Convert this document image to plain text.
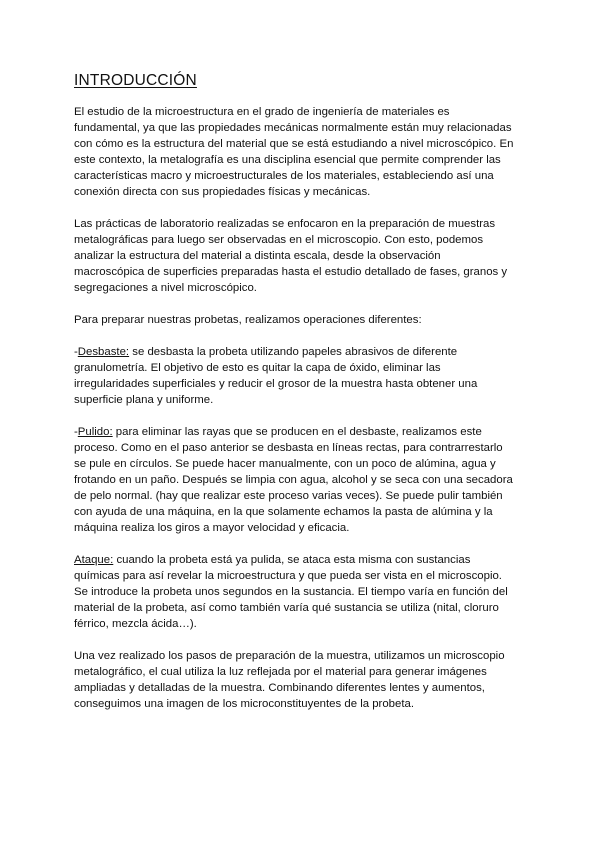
INTRODUCCIÓN

El estudio de la microestructura en el grado de ingeniería de materiales es fundamental, ya que las propiedades mecánicas normalmente están muy relacionadas con cómo es la estructura del material que se está estudiando a nivel microscópico. En este contexto, la metalografía es una disciplina esencial que permite comprender las características macro y microestructurales de los materiales, estableciendo así una conexión directa con sus propiedades físicas y mecánicas.

Las prácticas de laboratorio realizadas se enfocaron en la preparación de muestras metalográficas para luego ser observadas en el microscopio. Con esto, podemos analizar la estructura del material a distinta escala, desde la observación macroscópica de superficies preparadas hasta el estudio detallado de fases, granos y segregaciones a nivel microscópico.

Para preparar nuestras probetas, realizamos operaciones diferentes:

-Desbaste: se desbasta la probeta utilizando papeles abrasivos de diferente granulometría. El objetivo de esto es quitar la capa de óxido, eliminar las irregularidades superficiales y reducir el grosor de la muestra hasta obtener una superficie plana y uniforme.

-Pulido: para eliminar las rayas que se producen en el desbaste, realizamos este proceso. Como en el paso anterior se desbasta en líneas rectas, para contrarrestarlo se pule en círculos. Se puede hacer manualmente, con un poco de alúmina, agua y frotando en un paño. Después se limpia con agua, alcohol y se seca con una secadora de pelo normal. (hay que realizar este proceso varias veces). Se puede pulir también con ayuda de una máquina, en la que solamente echamos la pasta de alúmina y la máquina realiza los giros a mayor velocidad y eficacia.

Ataque: cuando la probeta está ya pulida, se ataca esta misma con sustancias químicas para así revelar la microestructura y que pueda ser vista en el microscopio. Se introduce la probeta unos segundos en la sustancia. El tiempo varía en función del material de la probeta, así como también varía qué sustancia se utiliza (nital, cloruro férrico, mezcla ácida…).

Una vez realizado los pasos de preparación de la muestra, utilizamos un microscopio metalográfico, el cual utiliza la luz reflejada por el material para generar imágenes ampliadas y detalladas de la muestra. Combinando diferentes lentes y aumentos, conseguimos una imagen de los microconstituyentes de la probeta.
